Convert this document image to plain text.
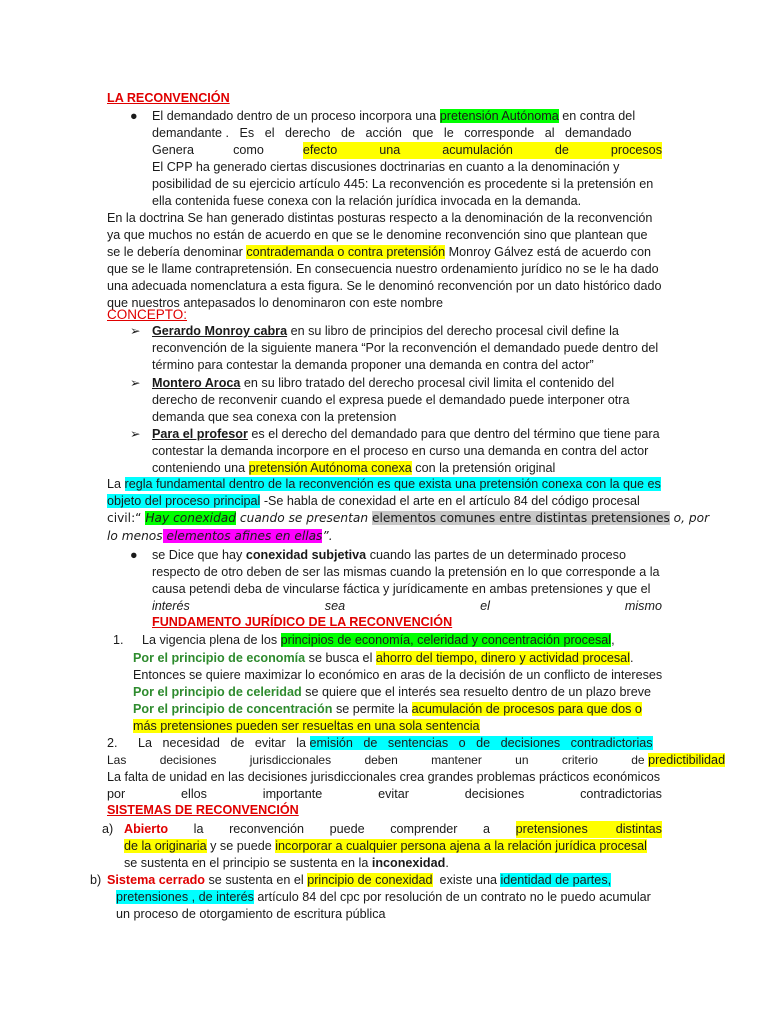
LA RECONVENCIÓN
● El demandado dentro de un proceso incorpora una pretensión Autónoma en contra del
demandante .   Es   el   derecho   de   acción   que   le   corresponde   al   demandado
Genera	como	efecto            una            acumulación            de            procesos
El CPP ha generado ciertas discusiones doctrinarias en cuanto a la denominación y
posibilidad de su ejercicio artículo 445: La reconvención es procedente si la pretensión en
ella contenida fuese conexa con la relación jurídica invocada en la demanda.
En la doctrina Se han generado distintas posturas respecto a la denominación de la reconvención
ya que muchos no están de acuerdo en que se le denomine reconvención sino que plantean que
se le debería denominar contrademanda o contra pretensión Monroy Gálvez está de acuerdo con
que se le llame contrapretensión. En consecuencia nuestro ordenamiento jurídico no se le ha dado
una adecuada nomenclatura a esta figura. Se le denominó reconvención por un dato histórico dado
que nuestros antepasados lo denominaron con este nombre
CONCEPTO:
➢ Gerardo Monroy cabra en su libro de principios del derecho procesal civil define la
reconvención de la siguiente manera “Por la reconvención el demandado puede dentro del
término para contestar la demanda proponer una demanda en contra del actor”
➢ Montero Aroca en su libro tratado del derecho procesal civil limita el contenido del
derecho de reconvenir cuando el expresa puede el demandado puede interponer otra
demanda que sea conexa con la pretension
➢ Para el profesor es el derecho del demandado para que dentro del término que tiene para
contestar la demanda incorpore en el proceso en curso una demanda en contra del actor
conteniendo una pretensión Autónoma conexa con la pretensión original
La regla fundamental dentro de la reconvención es que exista una pretensión conexa con la que es
objeto del proceso principal -Se habla de conexidad el arte en el artículo 84 del código procesal
civil:“ Hay conexidad cuando se presentan elementos comunes entre distintas pretensiones o, por
lo menos elementos afines en ellas”.
● se Dice que hay conexidad subjetiva cuando las partes de un determinado proceso
respecto de otro deben de ser las mismas cuando la pretensión en lo que corresponde a la
causa petendi deba de vincularse fáctica y jurídicamente en ambas pretensiones y que el
interés	sea	el	mismo
FUNDAMENTO JURÍDICO DE LA RECONVENCIÓN
1. La vigencia plena de los principios de economía, celeridad y concentración procesal,
Por el principio de economía se busca el ahorro del tiempo, dinero y actividad procesal.
Entonces se quiere maximizar lo económico en aras de la decisión de un conflicto de intereses
Por el principio de celeridad se quiere que el interés sea resuelto dentro de un plazo breve
Por el principio de concentración se permite la acumulación de procesos para que dos o
más pretensiones pueden ser resueltas en una sola sentencia
2. La   necesidad   de   evitar   la emisión   de   sentencias   o   de   decisiones   contradictorias
Las          decisiones          jurisdiccionales          deben          mantener          un          criterio          de predictibilidad
La falta de unidad en las decisiones jurisdiccionales crea grandes problemas prácticos económicos
por	ellos	importante	evitar	decisiones	contradictorias
SISTEMAS DE RECONVENCIÓN
a) Abierto la reconvención puede comprender a pretensiones        distintas
de la originaria y se puede incorporar a cualquier persona ajena a la relación jurídica procesal
se sustenta en el principio se sustenta en la inconexidad.
b) Sistema cerrado se sustenta en el principio de conexidad  existe una identidad de partes,
pretensiones , de interés artículo 84 del cpc por resolución de un contrato no le puedo acumular
un proceso de otorgamiento de escritura pública
